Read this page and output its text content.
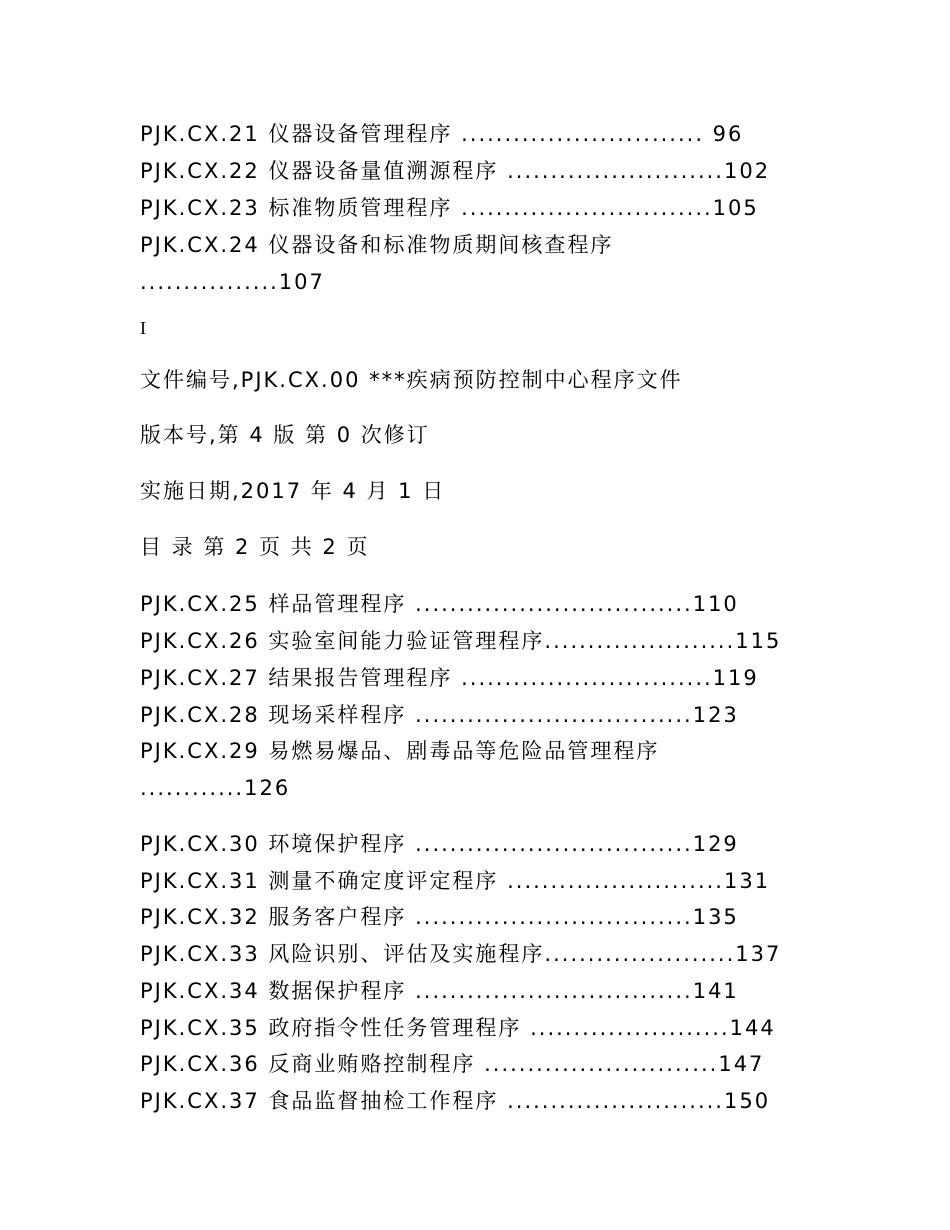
PJK.CX.21 仪器设备管理程序 ............................ 96
PJK.CX.22 仪器设备量值溯源程序 .........................102
PJK.CX.23 标准物质管理程序 .............................105
PJK.CX.24 仪器设备和标准物质期间核查程序
................107
I
文件编号,PJK.CX.00 ***疾病预防控制中心程序文件
版本号,第 4 版 第 0 次修订
实施日期,2017 年 4 月 1 日
目 录 第 2 页 共 2 页
PJK.CX.25 样品管理程序 ................................110
PJK.CX.26 实验室间能力验证管理程序......................115
PJK.CX.27 结果报告管理程序 .............................119
PJK.CX.28 现场采样程序 ................................123
PJK.CX.29 易燃易爆品、剧毒品等危险品管理程序
............126
PJK.CX.30 环境保护程序 ................................129
PJK.CX.31 测量不确定度评定程序 .........................131
PJK.CX.32 服务客户程序 ................................135
PJK.CX.33 风险识别、评估及实施程序......................137
PJK.CX.34 数据保护程序 ................................141
PJK.CX.35 政府指令性任务管理程序 .......................144
PJK.CX.36 反商业贿赂控制程序 ...........................147
PJK.CX.37 食品监督抽检工作程序 .........................150
